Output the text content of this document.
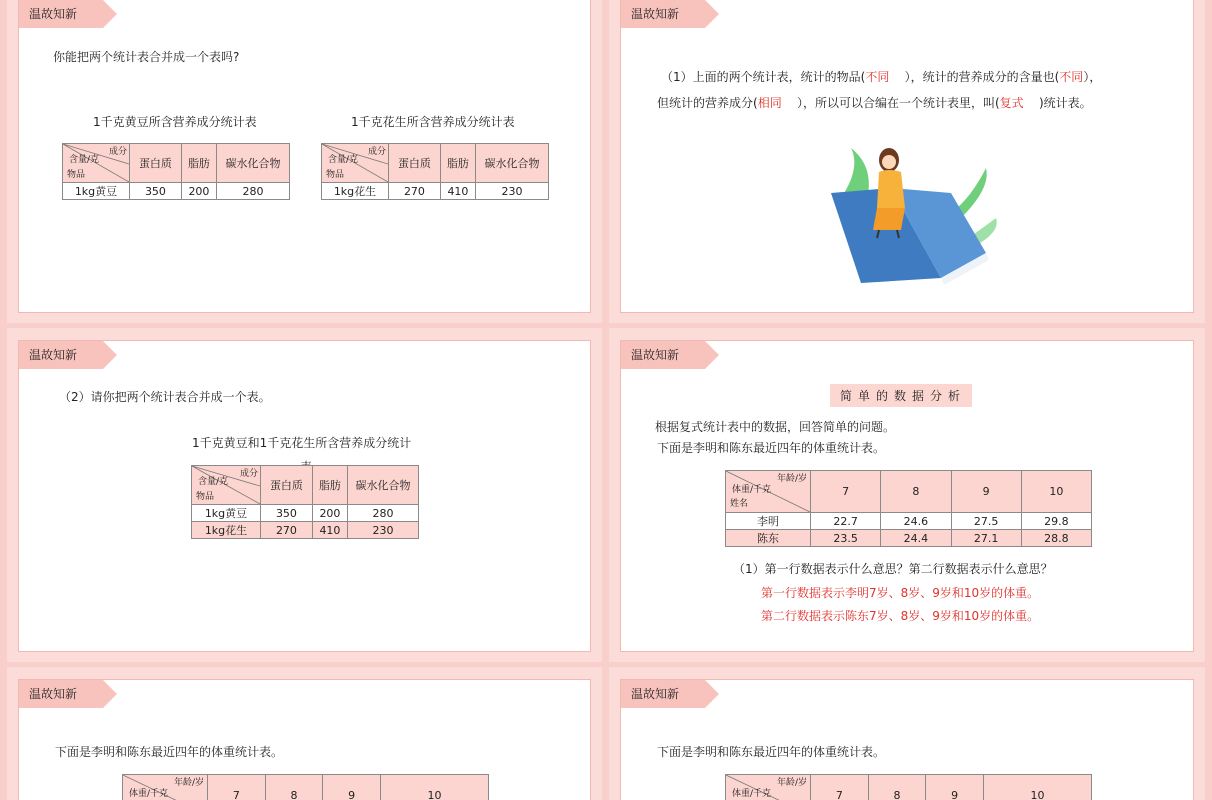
温故知新
你能把两个统计表合并成一个表吗?
1千克黄豆所含营养成分统计表	1千克花生所含营养成分统计表
成分
含量/克
物品	蛋白质	脂肪	碳水化合物
1kg黄豆	350	200	280
成分
含量/克
物品	蛋白质	脂肪	碳水化合物
1kg花生	270	410	230
温故知新
（1）上面的两个统计表，统计的物品(不同 ），统计的营养成分的含量也(不同），
但统计的营养成分(相同 ），所以可以合编在一个统计表里，叫(复式 )统计表。
温故知新
（2）请你把两个统计表合并成一个表。
1千克黄豆和1千克花生所含营养成分统计
成分
含量/克
物品	蛋白质	脂肪	碳水化合物
1kg黄豆	350	200	280
1kg花生	270	410	230
温故知新
简单的数据分析
根据复式统计表中的数据，回答简单的问题。
下面是李明和陈东最近四年的体重统计表。
年龄/岁
体重/千克
姓名	7	8	9	10
李明	22.7	24.6	27.5	29.8
陈东	23.5	24.4	27.1	28.8
（1）第一行数据表示什么意思？第二行数据表示什么意思？
第一行数据表示李明7岁、8岁、9岁和10岁的体重。
第二行数据表示陈东7岁、8岁、9岁和10岁的体重。
温故知新
下面是李明和陈东最近四年的体重统计表。
年龄/岁
体重/千克	7	8	9	10
温故知新
下面是李明和陈东最近四年的体重统计表。
年龄/岁
体重/千克	7	8	9	10
